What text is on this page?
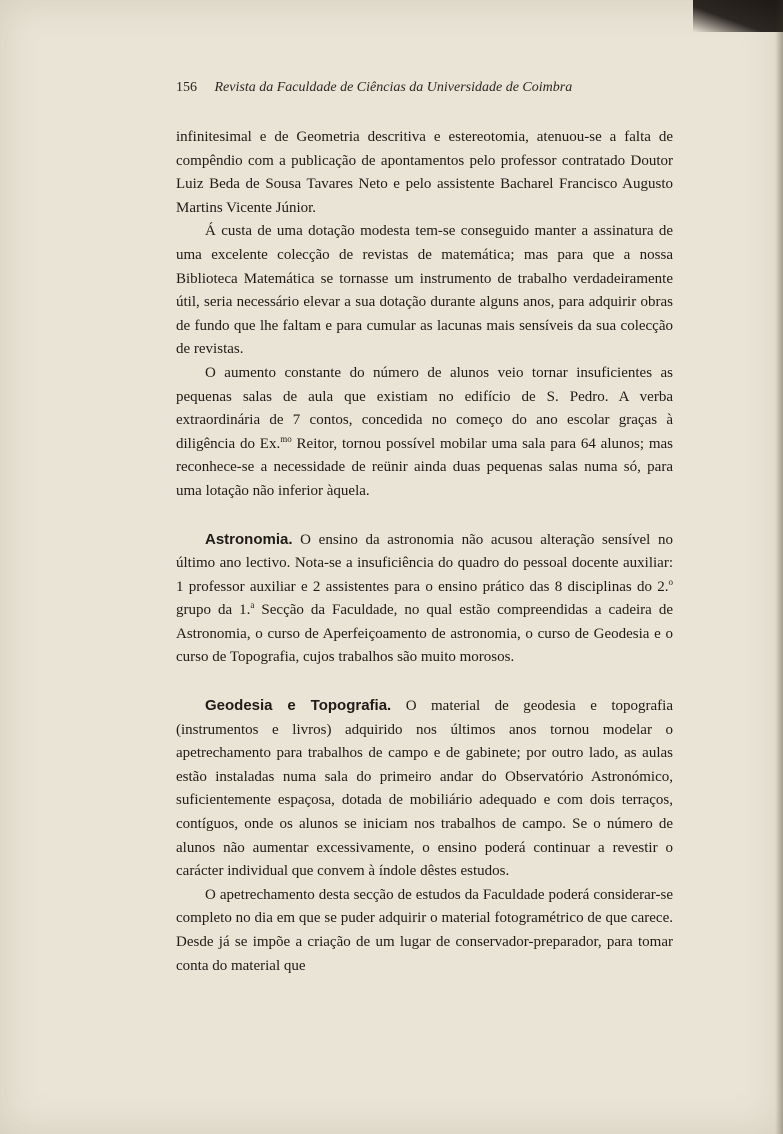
156 Revista da Faculdade de Ciências da Universidade de Coimbra

infinitesimal e de Geometria descritiva e estereotomia, atenuou-se a falta de compêndio com a publicação de apontamentos pelo professor contratado Doutor Luiz Beda de Sousa Tavares Neto e pelo assistente Bacharel Francisco Augusto Martins Vicente Júnior.

Á custa de uma dotação modesta tem-se conseguido manter a assinatura de uma excelente colecção de revistas de matemática; mas para que a nossa Biblioteca Matemática se tornasse um instrumento de trabalho verdadeiramente útil, seria necessário elevar a sua dotação durante alguns anos, para adquirir obras de fundo que lhe faltam e para cumular as lacunas mais sensíveis da sua colecção de revistas.

O aumento constante do número de alunos veio tornar insuficientes as pequenas salas de aula que existiam no edifício de S. Pedro. A verba extraordinária de 7 contos, concedida no começo do ano escolar graças à diligência do Ex.$^{mo}$ Reitor, tornou possível mobilar uma sala para 64 alunos; mas reconhece-se a necessidade de reünir ainda duas pequenas salas numa só, para uma lotação não inferior àquela.

Astronomia. O ensino da astronomia não acusou alteração sensível no último ano lectivo. Nota-se a insuficiência do quadro do pessoal docente auxiliar: 1 professor auxiliar e 2 assistentes para o ensino prático das 8 disciplinas do 2.$^o$ grupo da 1.$^a$ Secção da Faculdade, no qual estão compreendidas a cadeira de Astronomia, o curso de Aperfeiçoamento de astronomia, o curso de Geodesia e o curso de Topografia, cujos trabalhos são muito morosos.

Geodesia e Topografia. O material de geodesia e topografia (instrumentos e livros) adquirido nos últimos anos tornou modelar o apetrechamento para trabalhos de campo e de gabinete; por outro lado, as aulas estão instaladas numa sala do primeiro andar do Observatório Astronómico, suficientemente espaçosa, dotada de mobiliário adequado e com dois terraços, contíguos, onde os alunos se iniciam nos trabalhos de campo. Se o número de alunos não aumentar excessivamente, o ensino poderá continuar a revestir o carácter individual que convem à índole dêstes estudos.

O apetrechamento desta secção de estudos da Faculdade poderá considerar-se completo no dia em que se puder adquirir o material fotogramétrico de que carece. Desde já se impõe a criação de um lugar de conservador-preparador, para tomar conta do material que
